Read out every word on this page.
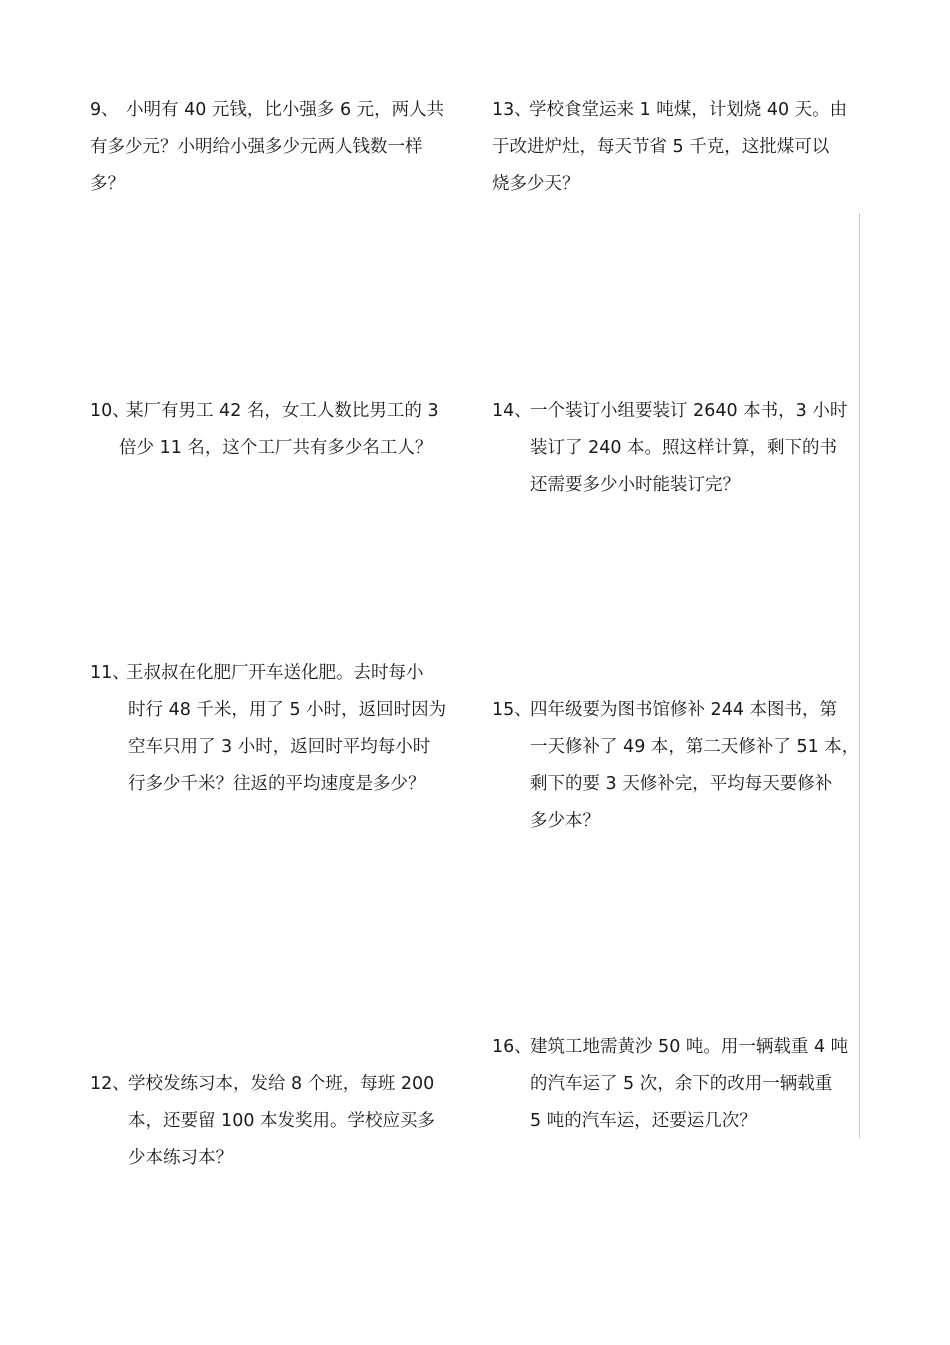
9、 小明有 40 元钱，比小强多 6 元，两人共
有多少元？小明给小强多少元两人钱数一样
多？
10、某厂有男工 42 名，女工人数比男工的 3
倍少 11 名，这个工厂共有多少名工人？
11、王叔叔在化肥厂开车送化肥。去时每小
时行 48 千米，用了 5 小时，返回时因为
空车只用了 3 小时，返回时平均每小时
行多少千米？往返的平均速度是多少？
12、学校发练习本，发给 8 个班，每班 200
本，还要留 100 本发奖用。学校应买多
少本练习本？
13、学校食堂运来 1 吨煤，计划烧 40 天。由
于改进炉灶，每天节省 5 千克，这批煤可以
烧多少天？
14、一个装订小组要装订 2640 本书，3 小时
装订了 240 本。照这样计算，剩下的书
还需要多少小时能装订完？
15、四年级要为图书馆修补 244 本图书，第
一天修补了 49 本，第二天修补了 51 本，
剩下的要 3 天修补完，平均每天要修补
多少本？
16、建筑工地需黄沙 50 吨。用一辆载重 4 吨
的汽车运了 5 次，余下的改用一辆载重
5 吨的汽车运，还要运几次？
